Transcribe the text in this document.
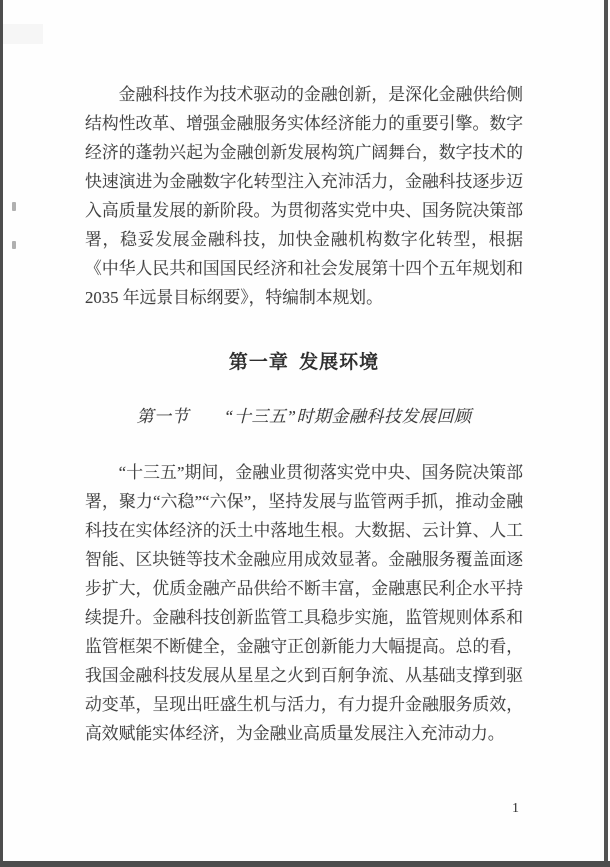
金融科技作为技术驱动的金融创新，是深化金融供给侧结构性改革、增强金融服务实体经济能力的重要引擎。数字经济的蓬勃兴起为金融创新发展构筑广阔舞台，数字技术的快速演进为金融数字化转型注入充沛活力，金融科技逐步迈入高质量发展的新阶段。为贯彻落实党中央、国务院决策部署，稳妥发展金融科技，加快金融机构数字化转型，根据《中华人民共和国国民经济和社会发展第十四个五年规划和 2035 年远景目标纲要》，特编制本规划。

第一章 发展环境
第一节　　“十三五”时期金融科技发展回顾

“十三五”期间，金融业贯彻落实党中央、国务院决策部署，聚力“六稳”“六保”，坚持发展与监管两手抓，推动金融科技在实体经济的沃土中落地生根。大数据、云计算、人工智能、区块链等技术金融应用成效显著。金融服务覆盖面逐步扩大，优质金融产品供给不断丰富，金融惠民利企水平持续提升。金融科技创新监管工具稳步实施，监管规则体系和监管框架不断健全，金融守正创新能力大幅提高。总的看，我国金融科技发展从星星之火到百舸争流、从基础支撑到驱动变革，呈现出旺盛生机与活力，有力提升金融服务质效，高效赋能实体经济，为金融业高质量发展注入充沛动力。

1
